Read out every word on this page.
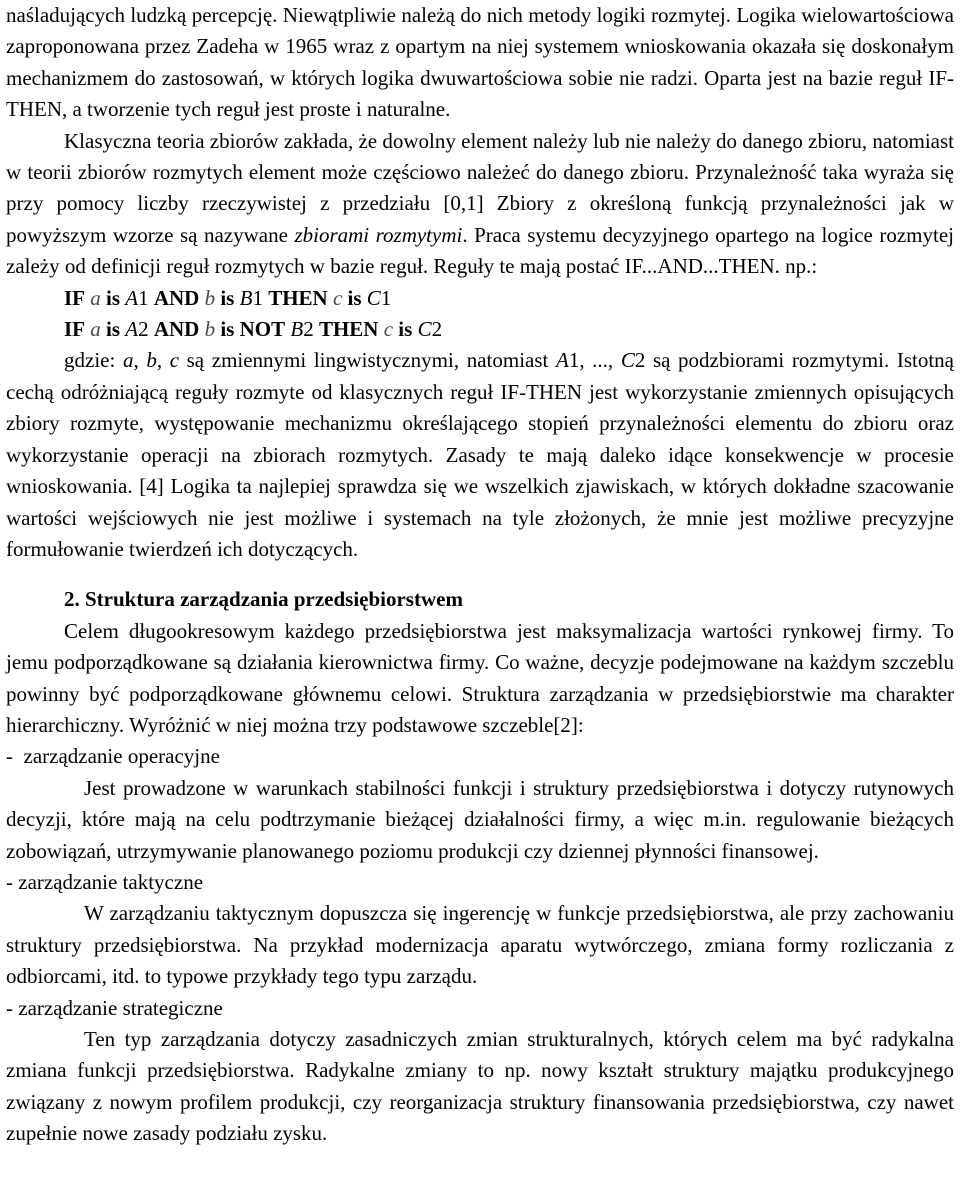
naśladujących ludzką percepcję. Niewątpliwie należą do nich metody logiki rozmytej. Logika wielowartościowa zaproponowana przez Zadeha w 1965 wraz z opartym na niej systemem wnioskowania okazała się doskonałym mechanizmem do zastosowań, w których logika dwuwartościowa sobie nie radzi. Oparta jest na bazie reguł IF-THEN, a tworzenie tych reguł jest proste i naturalne.

Klasyczna teoria zbiorów zakłada, że dowolny element należy lub nie należy do danego zbioru, natomiast w teorii zbiorów rozmytych element może częściowo należeć do danego zbioru. Przynależność taka wyraża się przy pomocy liczby rzeczywistej z przedziału [0,1] Zbiory z określoną funkcją przynależności jak w powyższym wzorze są nazywane zbiorami rozmytymi. Praca systemu decyzyjnego opartego na logice rozmytej zależy od definicji reguł rozmytych w bazie reguł. Reguły te mają postać IF...AND...THEN. np.:

IF a is A1 AND b is B1 THEN c is C1

IF a is A2 AND b is NOT B2 THEN c is C2

gdzie: a, b, c są zmiennymi lingwistycznymi, natomiast A1, ..., C2 są podzbiorami rozmytymi. Istotną cechą odróżniającą reguły rozmyte od klasycznych reguł IF-THEN jest wykorzystanie zmiennych opisujących zbiory rozmyte, występowanie mechanizmu określającego stopień przynależności elementu do zbioru oraz wykorzystanie operacji na zbiorach rozmytych. Zasady te mają daleko idące konsekwencje w procesie wnioskowania. [4] Logika ta najlepiej sprawdza się we wszelkich zjawiskach, w których dokładne szacowanie wartości wejściowych nie jest możliwe i systemach na tyle złożonych, że mnie jest możliwe precyzyjne formułowanie twierdzeń ich dotyczących.

2. Struktura zarządzania przedsiębiorstwem

Celem długookresowym każdego przedsiębiorstwa jest maksymalizacja wartości rynkowej firmy. To jemu podporządkowane są działania kierownictwa firmy. Co ważne, decyzje podejmowane na każdym szczeblu powinny być podporządkowane głównemu celowi. Struktura zarządzania w przedsiębiorstwie ma charakter hierarchiczny. Wyróżnić w niej można trzy podstawowe szczeble[2]:

-  zarządzanie operacyjne

Jest prowadzone w warunkach stabilności funkcji i struktury przedsiębiorstwa i dotyczy rutynowych decyzji, które mają na celu podtrzymanie bieżącej działalności firmy, a więc m.in. regulowanie bieżących zobowiązań, utrzymywanie planowanego poziomu produkcji czy dziennej płynności finansowej.

- zarządzanie taktyczne

W zarządzaniu taktycznym dopuszcza się ingerencję w funkcje przedsiębiorstwa, ale przy zachowaniu struktury przedsiębiorstwa. Na przykład modernizacja aparatu wytwórczego, zmiana formy rozliczania z odbiorcami, itd. to typowe przykłady tego typu zarządu.

- zarządzanie strategiczne

Ten typ zarządzania dotyczy zasadniczych zmian strukturalnych, których celem ma być radykalna zmiana funkcji przedsiębiorstwa. Radykalne zmiany to np. nowy kształt struktury majątku produkcyjnego związany z nowym profilem produkcji, czy reorganizacja struktury finansowania przedsiębiorstwa, czy nawet zupełnie nowe zasady podziału zysku.
